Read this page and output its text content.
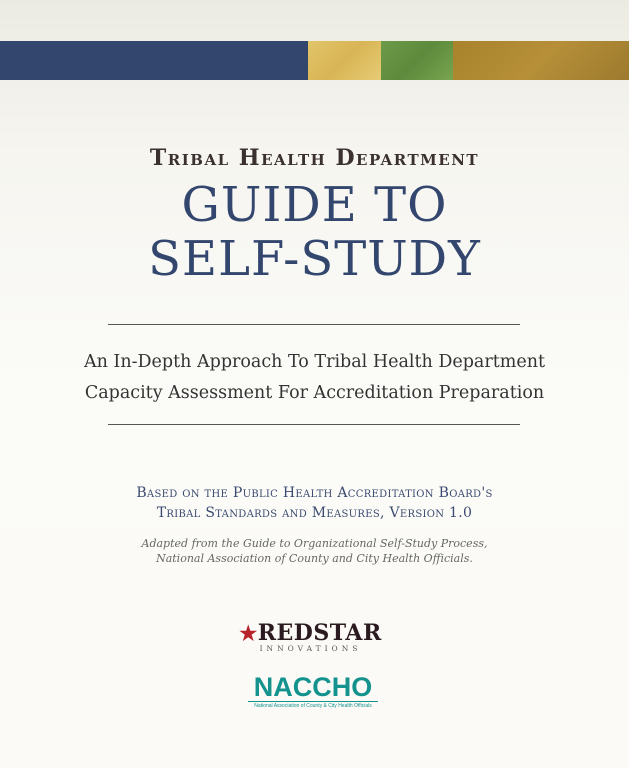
Tribal Health Department
GUIDE TO
SELF-STUDY
An In-Depth Approach To Tribal Health Department
Capacity Assessment For Accreditation Preparation
Based on the Public Health Accreditation Board's
Tribal Standards and Measures, Version 1.0
Adapted from the Guide to Organizational Self-Study Process,
National Association of County and City Health Officials.
★REDSTAR
INNOVATIONS
NACCHO
National Association of County & City Health Officials
